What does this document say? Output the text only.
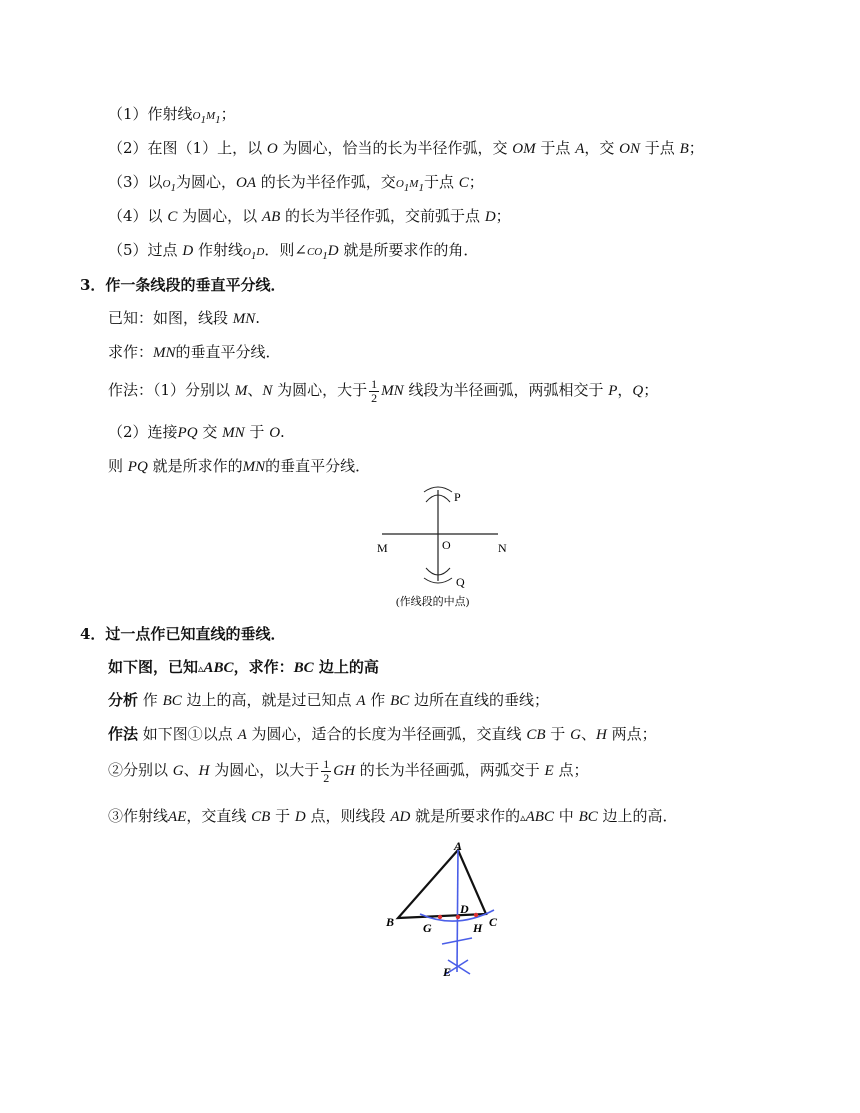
（1）作射线$O_1M_1$；
（2）在图（1）上，以 O 为圆心，恰当的长为半径作弧，交 OM 于点 A，交 ON 于点 B；
（3）以$O_1$为圆心，OA 的长为半径作弧，交$O_1M_1$于点 C；
（4）以 C 为圆心，以 AB 的长为半径作弧，交前弧于点 D；
（5）过点 D 作射线$O_1D$．则$\angle CO_1D$ 就是所要求作的角．
3．作一条线段的垂直平分线．
已知：如图，线段 MN.
求作：MN的垂直平分线．
作法：（1）分别以 M、N 为圆心，大于 $\frac{1}{2}$ MN 线段为半径画弧，两弧相交于 P，Q；
（2）连接PQ 交 MN 于 O.
则 PQ 就是所求作的MN的垂直平分线．
M	N
O
P
Q
(作线段的中点)
4．过一点作已知直线的垂线．
如下图，已知▵ABC，求作：BC 边上的高
分析 作 BC 边上的高，就是过已知点 A 作 BC 边所在直线的垂线；
作法 如下图①以点 A 为圆心，适合的长度为半径画弧，交直线 CB 于 G、H 两点；
②分别以 G、H 为圆心，以大于 $\frac{1}{2}$ GH 的长为半径画弧，两弧交于 E 点；
③作射线AE，交直线 CB 于 D 点，则线段 AD 就是所要求作的▵ABC 中 BC 边上的高．
A
B	C
D
G	H
E
